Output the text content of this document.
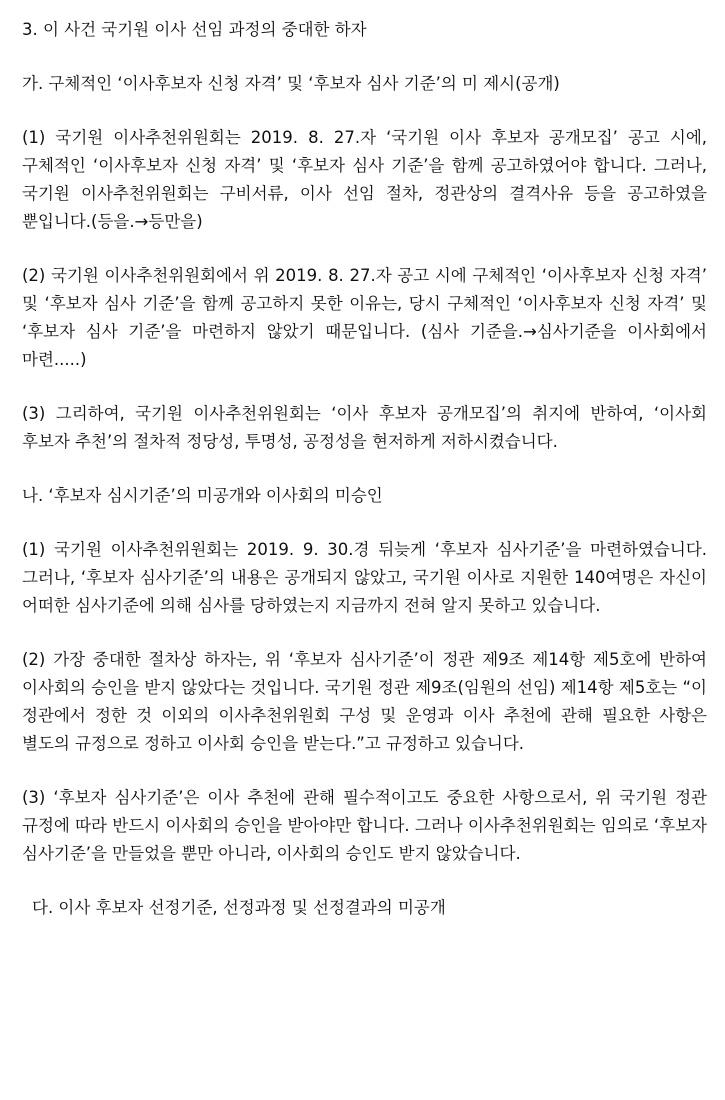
3. 이 사건 국기원 이사 선임 과정의 중대한 하자

가. 구체적인 ‘이사후보자 신청 자격’ 및 ‘후보자 심사 기준’의 미 제시(공개)

(1) 국기원 이사추천위원회는 2019. 8. 27.자 ‘국기원 이사 후보자 공개모집’ 공고 시에, 구체적인 ‘이사후보자 신청 자격’ 및 ‘후보자 심사 기준’을 함께 공고하였어야 합니다. 그러나, 국기원 이사추천위원회는 구비서류, 이사 선임 절차, 정관상의 결격사유 등을 공고하였을 뿐입니다.(등을.→등만을)

(2) 국기원 이사추천위원회에서 위 2019. 8. 27.자 공고 시에 구체적인 ‘이사후보자 신청 자격’ 및 ‘후보자 심사 기준’을 함께 공고하지 못한 이유는, 당시 구체적인 ‘이사후보자 신청 자격’ 및 ‘후보자 심사 기준’을 마련하지 않았기 때문입니다. (심사 기준을.→심사기준을 이사회에서 마련.....)

(3) 그리하여, 국기원 이사추천위원회는 ‘이사 후보자 공개모집’의 취지에 반하여, ‘이사회 후보자 추천’의 절차적 정당성, 투명성, 공정성을 현저하게 저하시켰습니다.

나. ‘후보자 심시기준’의 미공개와 이사회의 미승인

(1) 국기원 이사추천위원회는 2019. 9. 30.경 뒤늦게 ‘후보자 심사기준’을 마련하였습니다. 그러나, ‘후보자 심사기준’의 내용은 공개되지 않았고, 국기원 이사로 지원한 140여명은 자신이 어떠한 심사기준에 의해 심사를 당하였는지 지금까지 전혀 알지 못하고 있습니다.

(2) 가장 중대한 절차상 하자는, 위 ‘후보자 심사기준’이 정관 제9조 제14항 제5호에 반하여 이사회의 승인을 받지 않았다는 것입니다. 국기원 정관 제9조(임원의 선임) 제14항 제5호는 “이 정관에서 정한 것 이외의 이사추천위원회 구성 및 운영과 이사 추천에 관해 필요한 사항은 별도의 규정으로 정하고 이사회 승인을 받는다.”고 규정하고 있습니다.

(3) ‘후보자 심사기준’은 이사 추천에 관해 필수적이고도 중요한 사항으로서, 위 국기원 정관 규정에 따라 반드시 이사회의 승인을 받아야만 합니다. 그러나 이사추천위원회는 임의로 ‘후보자 심사기준’을 만들었을 뿐만 아니라, 이사회의 승인도 받지 않았습니다.

다. 이사 후보자 선정기준, 선정과정 및 선정결과의 미공개
